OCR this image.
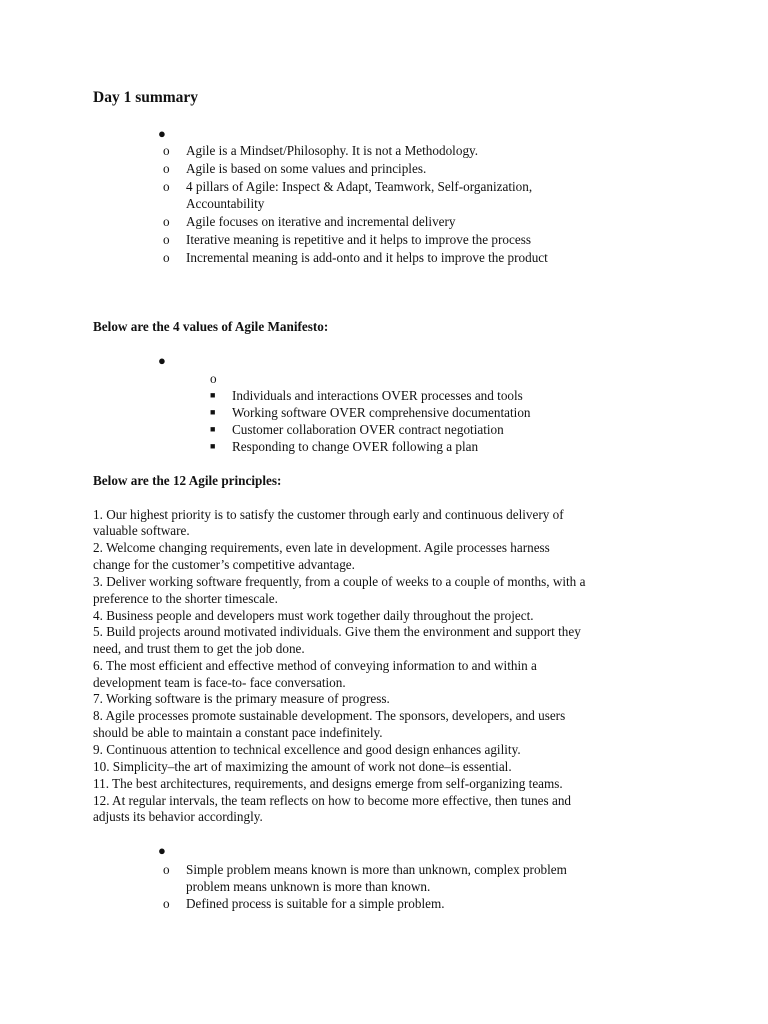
Day 1 summary
●
o Agile is a Mindset/Philosophy. It is not a Methodology.
o Agile is based on some values and principles.
o 4 pillars of Agile: Inspect & Adapt, Teamwork, Self-organization,
Accountability
o Agile focuses on iterative and incremental delivery
o Iterative meaning is repetitive and it helps to improve the process
o Incremental meaning is add-onto and it helps to improve the product
Below are the 4 values of Agile Manifesto:
●
o
■ Individuals and interactions OVER processes and tools
■ Working software OVER comprehensive documentation
■ Customer collaboration OVER contract negotiation
■ Responding to change OVER following a plan
Below are the 12 Agile principles:
1. Our highest priority is to satisfy the customer through early and continuous delivery of
valuable software.
2. Welcome changing requirements, even late in development. Agile processes harness
change for the customer’s competitive advantage.
3. Deliver working software frequently, from a couple of weeks to a couple of months, with a
preference to the shorter timescale.
4. Business people and developers must work together daily throughout the project.
5. Build projects around motivated individuals. Give them the environment and support they
need, and trust them to get the job done.
6. The most efficient and effective method of conveying information to and within a
development team is face-to- face conversation.
7. Working software is the primary measure of progress.
8. Agile processes promote sustainable development. The sponsors, developers, and users
should be able to maintain a constant pace indefinitely.
9. Continuous attention to technical excellence and good design enhances agility.
10. Simplicity–the art of maximizing the amount of work not done–is essential.
11. The best architectures, requirements, and designs emerge from self-organizing teams.
12. At regular intervals, the team reflects on how to become more effective, then tunes and
adjusts its behavior accordingly.
●
o Simple problem means known is more than unknown, complex problem
problem means unknown is more than known.
o Defined process is suitable for a simple problem.
